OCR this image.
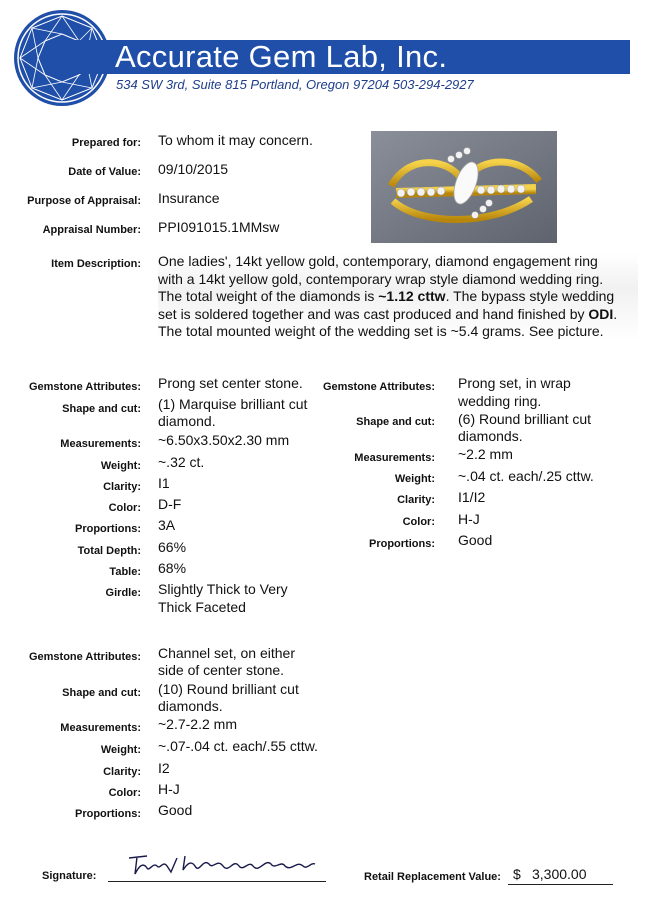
Accurate Gem Lab, Inc.
534 SW 3rd, Suite 815 Portland, Oregon 97204 503-294-2927
Prepared for: To whom it may concern.
Date of Value: 09/10/2015
Purpose of Appraisal: Insurance
Appraisal Number: PPI091015.1MMsw
Item Description: One ladies', 14kt yellow gold, contemporary, diamond engagement ring
with a 14kt yellow gold, contemporary wrap style diamond wedding ring.
The total weight of the diamonds is ~1.12 cttw. The bypass style wedding
set is soldered together and was cast produced and hand finished by ODI.
The total mounted weight of the wedding set is ~5.4 grams. See picture.
Gemstone Attributes: Prong set center stone.
Shape and cut: (1) Marquise brilliant cut
diamond.
Measurements: ~6.50x3.50x2.30 mm
Weight: ~.32 ct.
Clarity: I1
Color: D-F
Proportions: 3A
Total Depth: 66%
Table: 68%
Girdle: Slightly Thick to Very
Thick Faceted
Gemstone Attributes: Prong set, in wrap
wedding ring.
Shape and cut: (6) Round brilliant cut
diamonds.
Measurements: ~2.2 mm
Weight: ~.04 ct. each/.25 cttw.
Clarity: I1/I2
Color: H-J
Proportions: Good
Gemstone Attributes: Channel set, on either
side of center stone.
Shape and cut: (10) Round brilliant cut
diamonds.
Measurements: ~2.7-2.2 mm
Weight: ~.07-.04 ct. each/.55 cttw.
Clarity: I2
Color: H-J
Proportions: Good
Signature:	Retail Replacement Value: $ 3,300.00
